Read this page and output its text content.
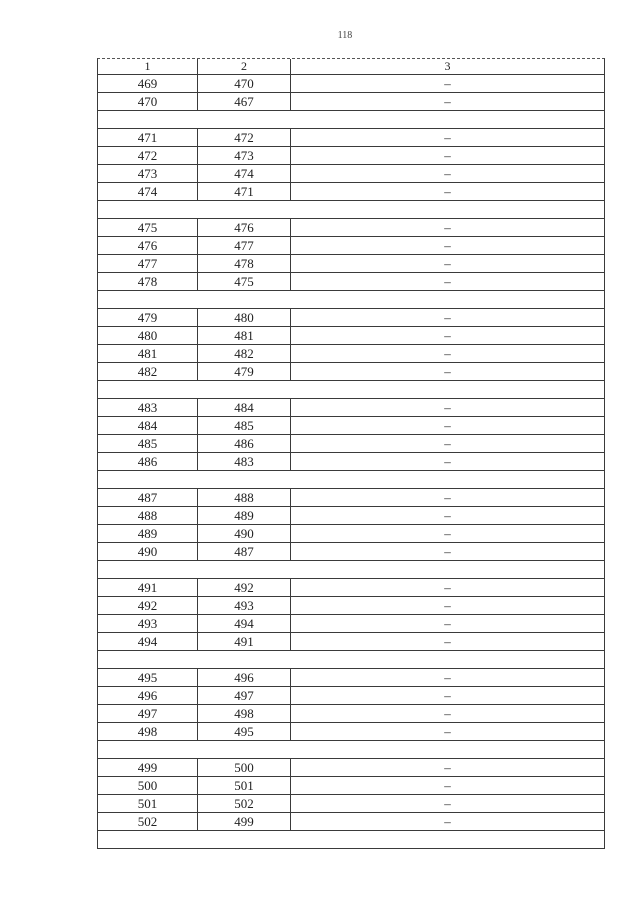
118
1	2	3
469	470	–
470	467	–
471	472	–
472	473	–
473	474	–
474	471	–
475	476	–
476	477	–
477	478	–
478	475	–
479	480	–
480	481	–
481	482	–
482	479	–
483	484	–
484	485	–
485	486	–
486	483	–
487	488	–
488	489	–
489	490	–
490	487	–
491	492	–
492	493	–
493	494	–
494	491	–
495	496	–
496	497	–
497	498	–
498	495	–
499	500	–
500	501	–
501	502	–
502	499	–
